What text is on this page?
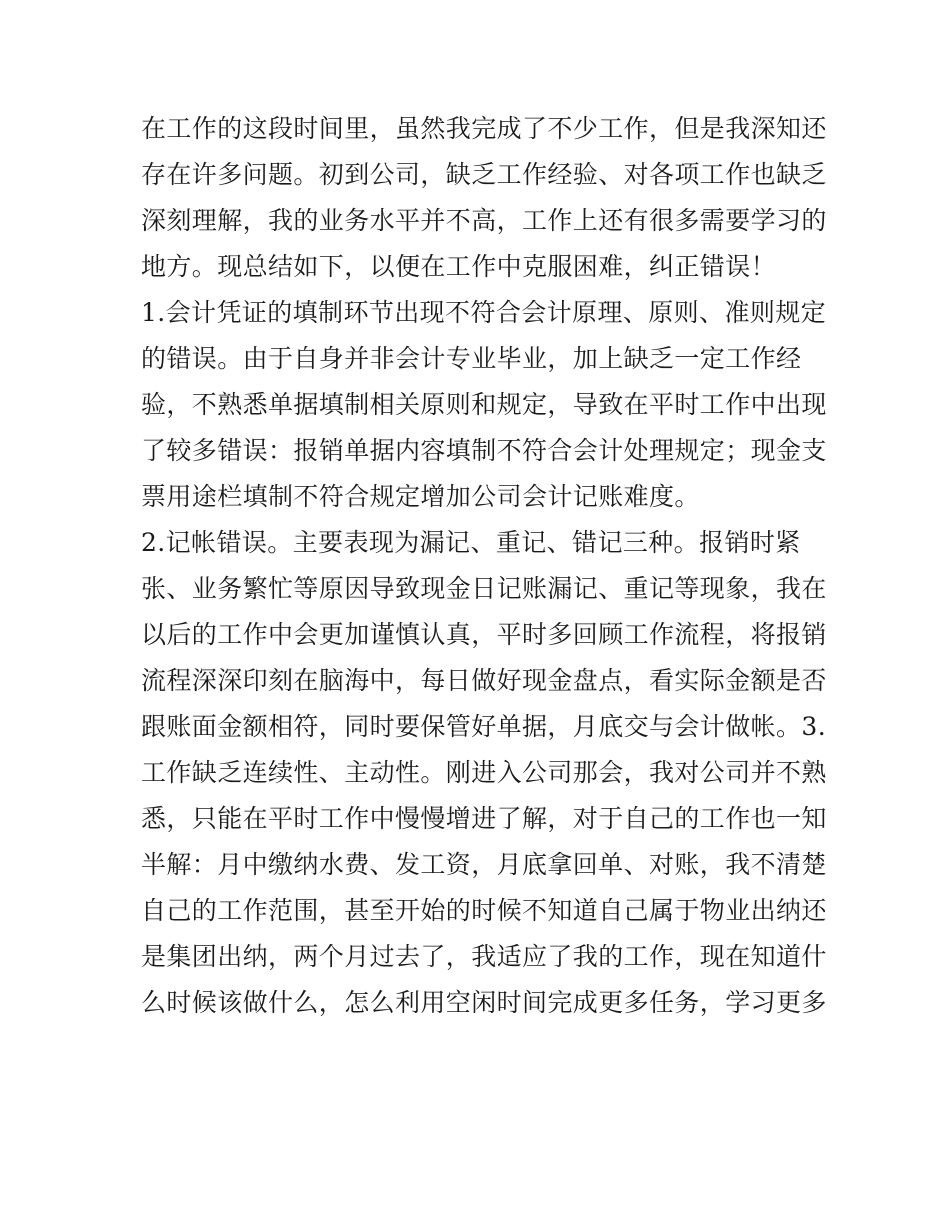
在工作的这段时间里，虽然我完成了不少工作，但是我深知还
存在许多问题。初到公司，缺乏工作经验、对各项工作也缺乏
深刻理解，我的业务水平并不高，工作上还有很多需要学习的
地方。现总结如下，以便在工作中克服困难，纠正错误！
1.会计凭证的填制环节出现不符合会计原理、原则、准则规定
的错误。由于自身并非会计专业毕业，加上缺乏一定工作经
验，不熟悉单据填制相关原则和规定，导致在平时工作中出现
了较多错误：报销单据内容填制不符合会计处理规定；现金支
票用途栏填制不符合规定增加公司会计记账难度。
2.记帐错误。主要表现为漏记、重记、错记三种。报销时紧
张、业务繁忙等原因导致现金日记账漏记、重记等现象，我在
以后的工作中会更加谨慎认真，平时多回顾工作流程，将报销
流程深深印刻在脑海中，每日做好现金盘点，看实际金额是否
跟账面金额相符，同时要保管好单据，月底交与会计做帐。3.
工作缺乏连续性、主动性。刚进入公司那会，我对公司并不熟
悉，只能在平时工作中慢慢增进了解，对于自己的工作也一知
半解：月中缴纳水费、发工资，月底拿回单、对账，我不清楚
自己的工作范围，甚至开始的时候不知道自己属于物业出纳还
是集团出纳，两个月过去了，我适应了我的工作，现在知道什
么时候该做什么，怎么利用空闲时间完成更多任务，学习更多
